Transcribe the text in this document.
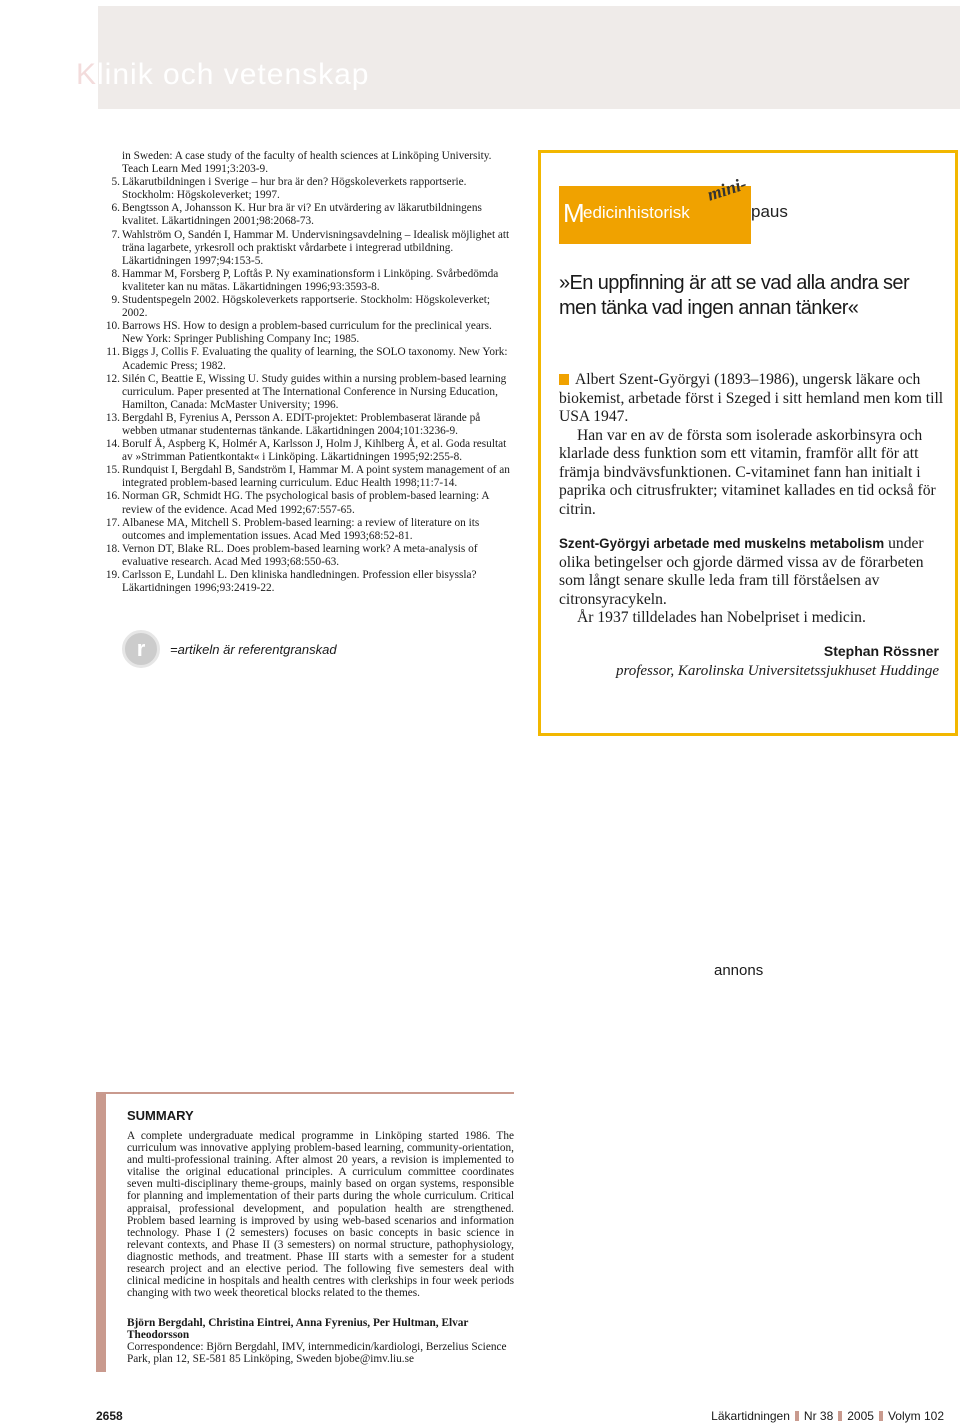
Klinik och vetenskap
in Sweden: A case study of the faculty of health sciences at Linköping University. Teach Learn Med 1991;3:203-9.
5. Läkarutbildningen i Sverige – hur bra är den? Högskoleverkets rapportserie. Stockholm: Högskoleverket; 1997.
6. Bengtsson A, Johansson K. Hur bra är vi? En utvärdering av läkarutbildningens kvalitet. Läkartidningen 2001;98:2068-73.
7. Wahlström O, Sandén I, Hammar M. Undervisningsavdelning – Idealisk möjlighet att träna lagarbete, yrkesroll och praktiskt vårdarbete i integrerad utbildning. Läkartidningen 1997;94:153-5.
8. Hammar M, Forsberg P, Loftås P. Ny examinationsform i Linköping. Svårbedömda kvaliteter kan nu mätas. Läkartidningen 1996;93:3593-8.
9. Studentspegeln 2002. Högskoleverkets rapportserie. Stockholm: Högskoleverket; 2002.
10. Barrows HS. How to design a problem-based curriculum for the preclinical years. New York: Springer Publishing Company Inc; 1985.
11. Biggs J, Collis F. Evaluating the quality of learning, the SOLO taxonomy. New York: Academic Press; 1982.
12. Silén C, Beattie E, Wissing U. Study guides within a nursing problem-based learning curriculum. Paper presented at The International Conference in Nursing Education, Hamilton, Canada: McMaster University; 1996.
13. Bergdahl B, Fyrenius A, Persson A. EDIT-projektet: Problembaserat lärande på webben utmanar studenternas tänkande. Läkartidningen 2004;101:3236-9.
14. Borulf Å, Aspberg K, Holmér A, Karlsson J, Holm J, Kihlberg Å, et al. Goda resultat av »Strimman Patientkontakt« i Linköping. Läkartidningen 1995;92:255-8.
15. Rundquist I, Bergdahl B, Sandström I, Hammar M. A point system management of an integrated problem-based learning curriculum. Educ Health 1998;11:7-14.
16. Norman GR, Schmidt HG. The psychological basis of problem-based learning: A review of the evidence. Acad Med 1992;67:557-65.
17. Albanese MA, Mitchell S. Problem-based learning: a review of literature on its outcomes and implementation issues. Acad Med 1993;68:52-81.
18. Vernon DT, Blake RL. Does problem-based learning work? A meta-analysis of evaluative research. Acad Med 1993;68:550-63.
19. Carlsson E, Lundahl L. Den kliniska handledningen. Profession eller bisyssla? Läkartidningen 1996;93:2419-22.
r	=artikeln är referentgranskad
M
edicinhistorisk	paus
mini-
»En uppfinning är att se vad alla andra ser men tänka vad ingen annan tänker«

Albert Szent-Györgyi (1893–1986), ungersk läkare och biokemist, arbetade först i Szeged i sitt hemland men kom till USA 1947.

Han var en av de första som isolerade askorbinsyra och klarlade dess funktion som ett vitamin, framför allt för att främja bindvävsfunktionen. C-vitaminet fann han initialt i paprika och citrusfrukter; vitaminet kallades en tid också för citrin.

Szent-Györgyi arbetade med muskelns metabolism under olika betingelser och gjorde därmed vissa av de förarbeten som långt senare skulle leda fram till förståelsen av citronsyracykeln.

År 1937 tilldelades han Nobelpriset i medicin.

Stephan Rössner
professor, Karolinska Universitetssjukhuset Huddinge
annons
SUMMARY
A complete undergraduate medical programme in Linköping started 1986. The curriculum was innovative applying problem-based learning, community-orientation, and multi-professional training. After almost 20 years, a revision is implemented to vitalise the original educational principles. A curriculum committee coordinates seven multi-disciplinary theme-groups, mainly based on organ systems, responsible for planning and implementation of their parts during the whole curriculum. Critical appraisal, professional development, and population health are strengthened. Problem based learning is improved by using web-based scenarios and information technology. Phase I (2 semesters) focuses on basic concepts in basic science in relevant contexts, and Phase II (3 semesters) on normal structure, pathophysiology, diagnostic methods, and treatment. Phase III starts with a semester for a student research project and an elective period. The following five semesters deal with clinical medicine in hospitals and health centres with clerkships in four week periods changing with two week theoretical blocks related to the themes.
Björn Bergdahl, Christina Eintrei, Anna Fyrenius, Per Hultman, Elvar Theodorsson
Correspondence: Björn Bergdahl, IMV, internmedicin/kardiologi, Berzelius Science Park, plan 12, SE-581 85 Linköping, Sweden bjobe@imv.liu.se
2658	Läkartidningen Nr 38 2005 Volym 102
